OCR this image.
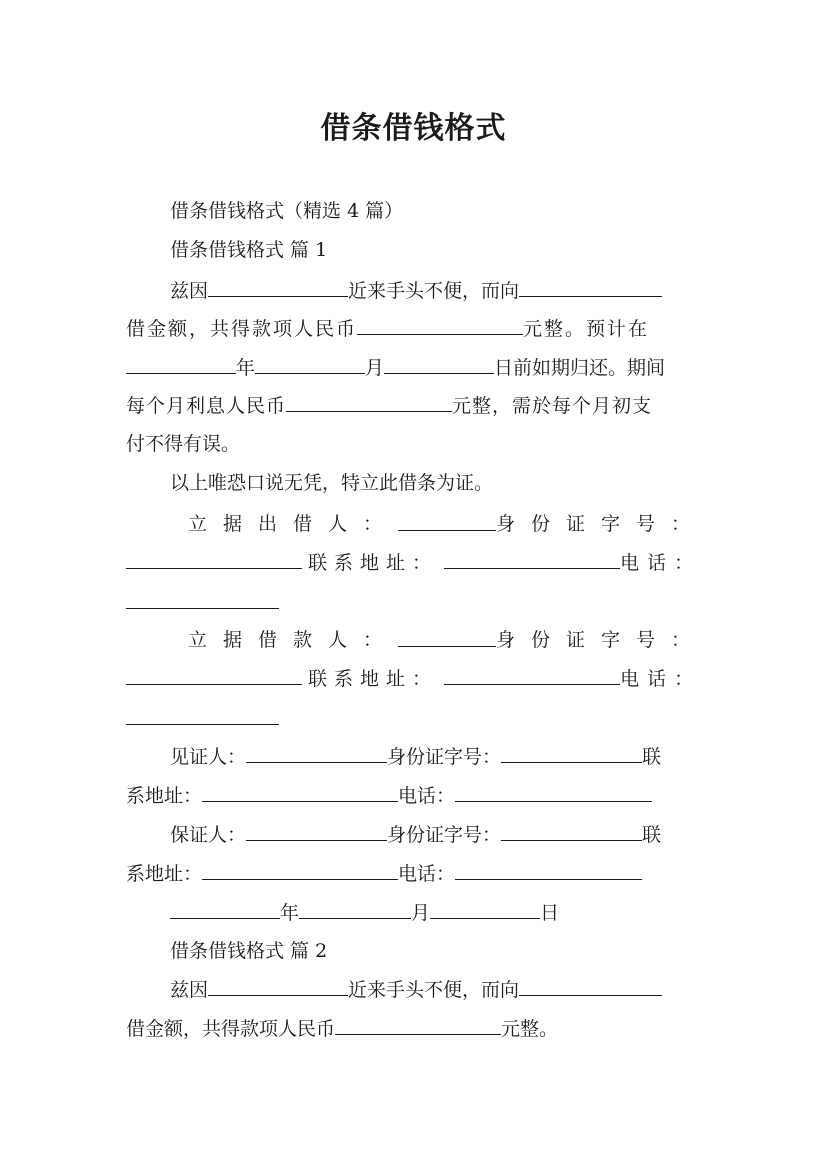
借条借钱格式
借条借钱格式（精选 4 篇）
借条借钱格式 篇 1
兹因	近来手头不便，而向
借金额，共得款项人民币	元整。预计在
年	月	日前如期归还。期间
每个月利息人民币	元整，需於每个月初支
付不得有误。
以上唯恐口说无凭，特立此借条为证。
立据出借人：	身份证字号：
联系地址：	电话：
立据借款人：	身份证字号：
联系地址：	电话：
见证人：	身份证字号：	联
系地址：	电话：
保证人：	身份证字号：	联
系地址：	电话：
年	月	日
借条借钱格式 篇 2
兹因	近来手头不便，而向
借金额，共得款项人民币	元整。
